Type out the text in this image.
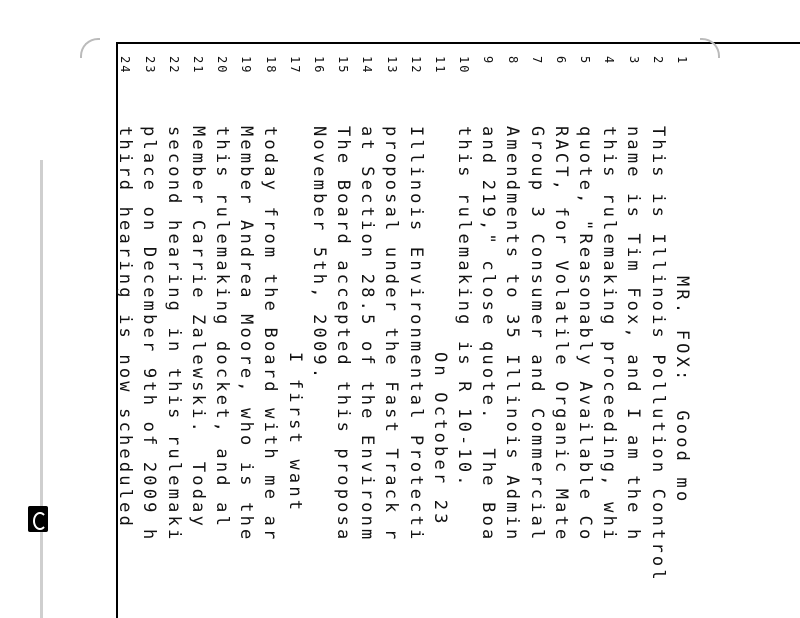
1MR. FOX:  Good mo
2This is Illinois Pollution Control
3name is Tim Fox, and I am the h
4this rulemaking proceeding, whi
5quote, "Reasonably Available Co
6RACT, for Volatile Organic Mate
7Group 3 Consumer and Commercial
8Amendments to 35 Illinois Admin
9and 219," close quote.  The Boa
10this rulemaking is R 10-10.
11On October 23
12Illinois Environmental Protecti
13proposal under the Fast Track r
14at Section 28.5 of the Environm
15The Board accepted this proposa
16November 5th, 2009.
17I first want
18today from the Board with me ar
19Member Andrea Moore, who is the
20this rulemaking docket, and al
21Member Carrie Zalewski.  Today
22second hearing in this rulemaki
23place on December 9th of 2009 h
24third hearing is now scheduled
